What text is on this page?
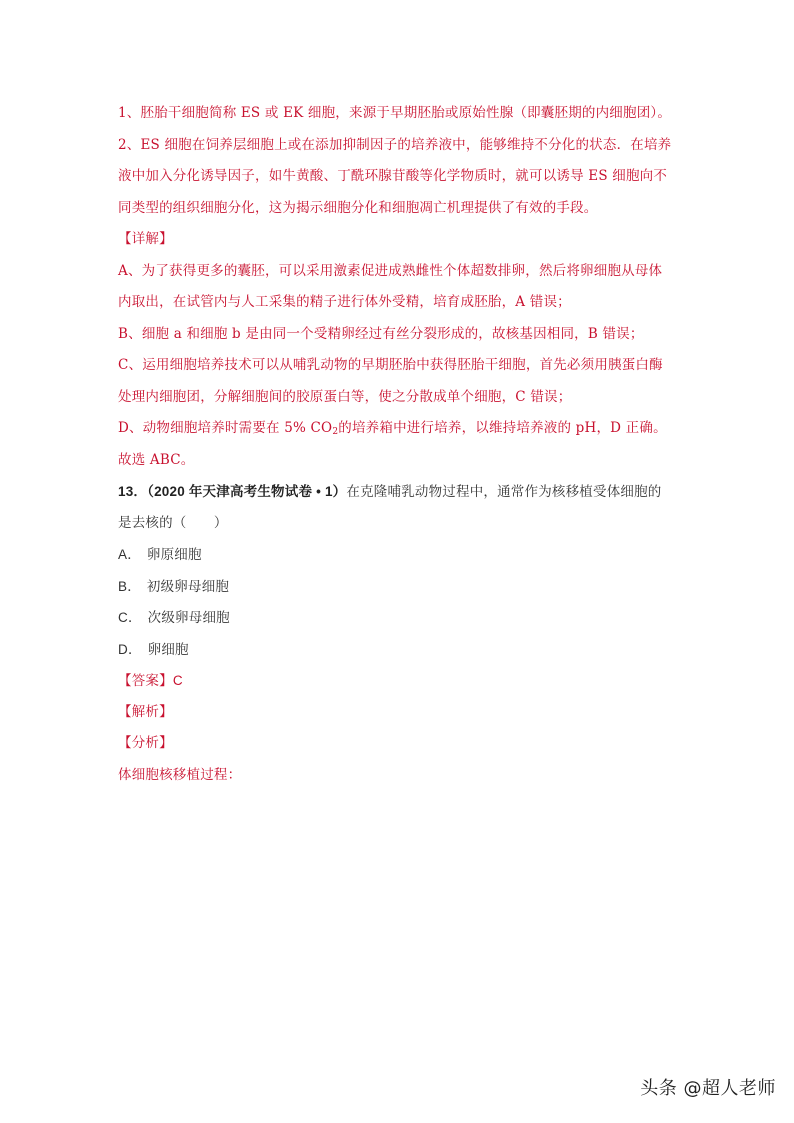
1、胚胎干细胞简称 ES 或 EK 细胞，来源于早期胚胎或原始性腺（即囊胚期的内细胞团）。
2、ES 细胞在饲养层细胞上或在添加抑制因子的培养液中，能够维持不分化的状态．在培养
液中加入分化诱导因子，如牛黄酸、丁酰环腺苷酸等化学物质时，就可以诱导 ES 细胞向不
同类型的组织细胞分化，这为揭示细胞分化和细胞凋亡机理提供了有效的手段。
【详解】
A、为了获得更多的囊胚，可以采用激素促进成熟雌性个体超数排卵，然后将卵细胞从母体
内取出，在试管内与人工采集的精子进行体外受精，培育成胚胎，A 错误；
B、细胞 a 和细胞 b 是由同一个受精卵经过有丝分裂形成的，故核基因相同，B 错误；
C、运用细胞培养技术可以从哺乳动物的早期胚胎中获得胚胎干细胞，首先必须用胰蛋白酶
处理内细胞团，分解细胞间的胶原蛋白等，使之分散成单个细胞，C 错误；
D、动物细胞培养时需要在 5% $CO_2$的培养箱中进行培养，以维持培养液的 pH，D 正确。
故选 ABC。
13．（2020 年天津高考生物试卷 • 1）在克隆哺乳动物过程中，通常作为核移植受体细胞的
是去核的（　　）
A． 卵原细胞
B． 初级卵母细胞
C． 次级卵母细胞
D． 卵细胞
【答案】C
【解析】
【分析】
体细胞核移植过程：
头条 @超人老师
